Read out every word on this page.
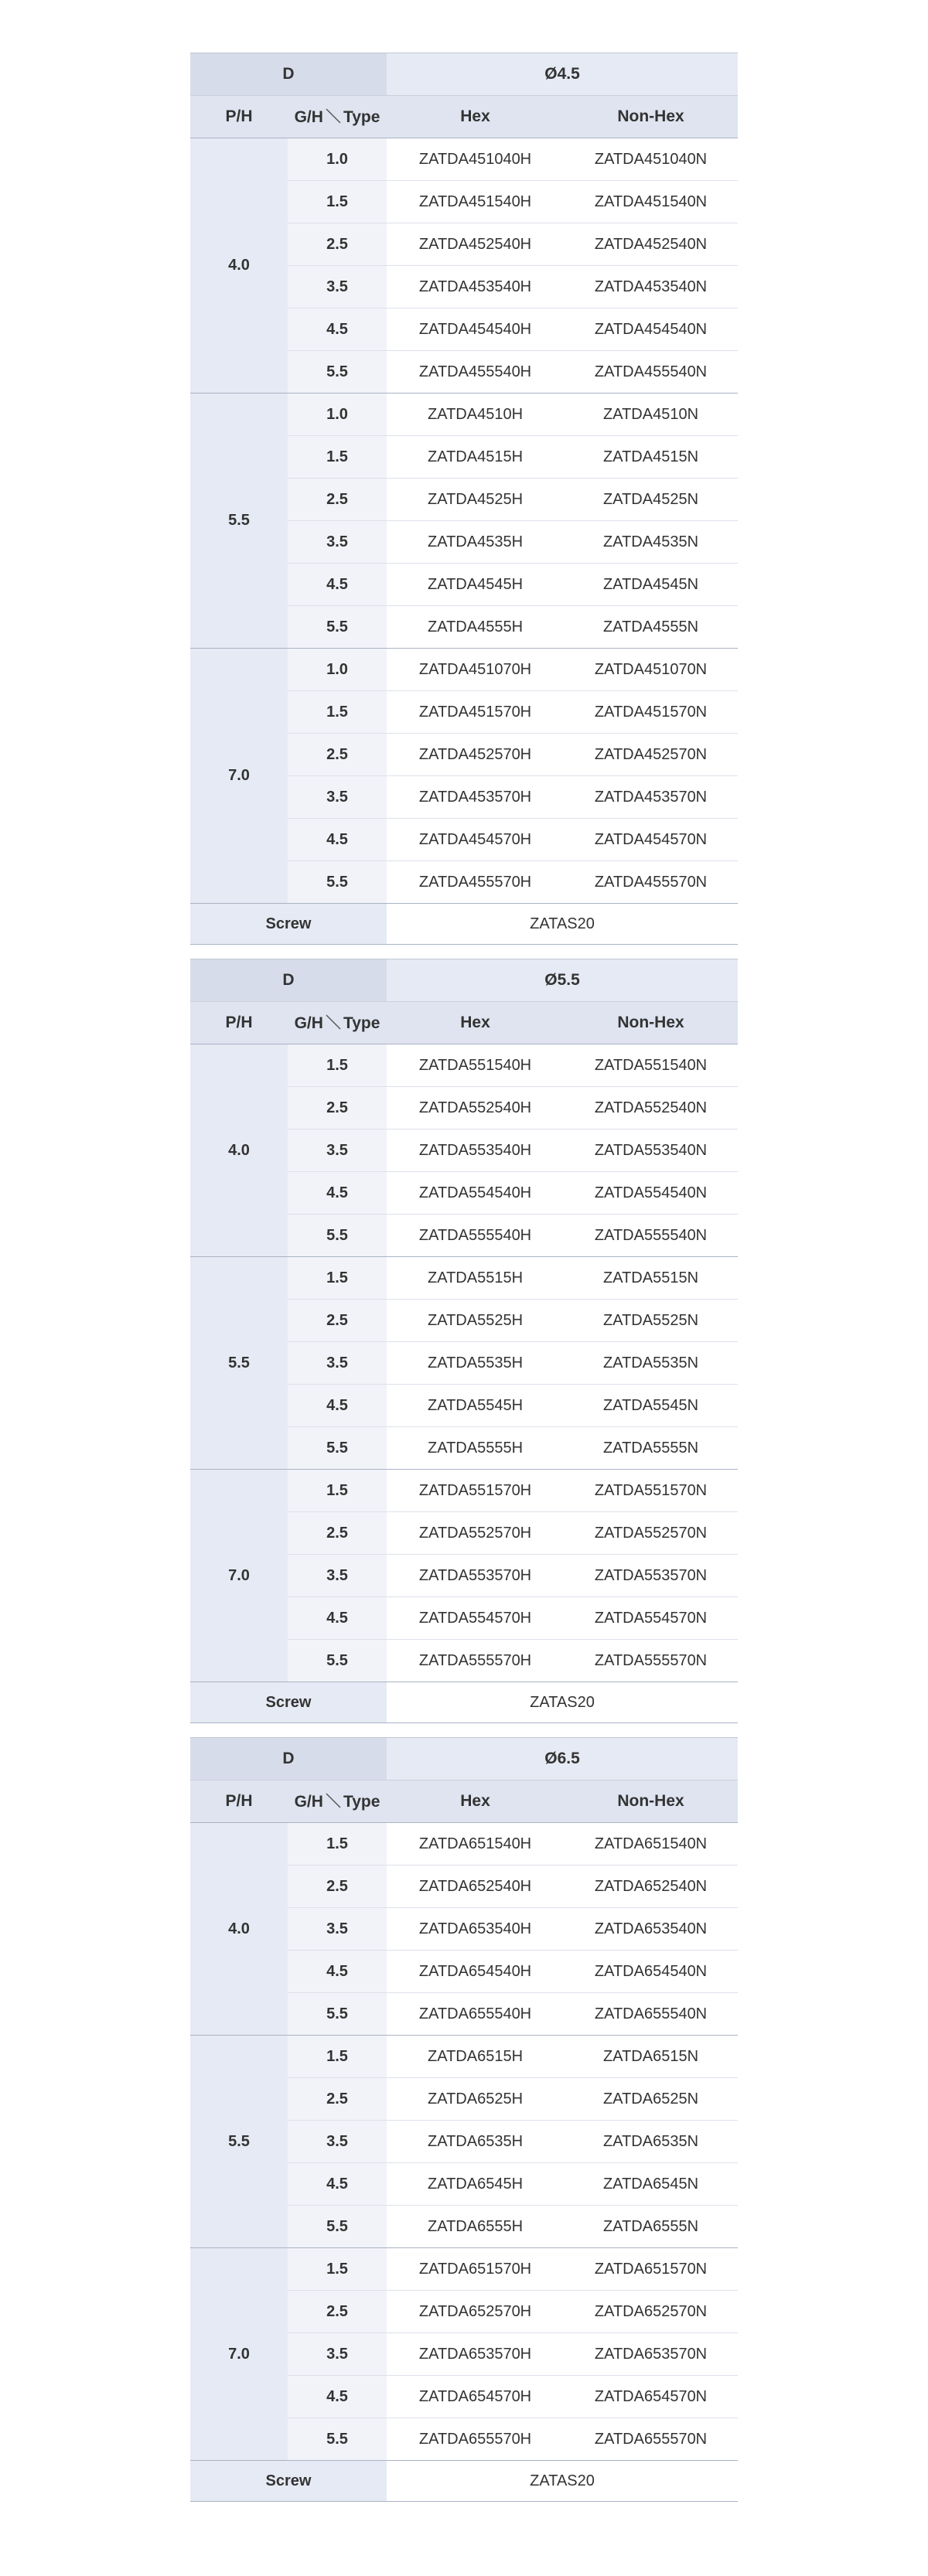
D		Ø4.5	
P/H	G/H Type	Hex	Non-Hex
4.0	1.0	ZATDA451040H	ZATDA451040N
	1.5	ZATDA451540H	ZATDA451540N
	2.5	ZATDA452540H	ZATDA452540N
	3.5	ZATDA453540H	ZATDA453540N
	4.5	ZATDA454540H	ZATDA454540N
	5.5	ZATDA455540H	ZATDA455540N
5.5	1.0	ZATDA4510H	ZATDA4510N
	1.5	ZATDA4515H	ZATDA4515N
	2.5	ZATDA4525H	ZATDA4525N
	3.5	ZATDA4535H	ZATDA4535N
	4.5	ZATDA4545H	ZATDA4545N
	5.5	ZATDA4555H	ZATDA4555N
7.0	1.0	ZATDA451070H	ZATDA451070N
	1.5	ZATDA451570H	ZATDA451570N
	2.5	ZATDA452570H	ZATDA452570N
	3.5	ZATDA453570H	ZATDA453570N
	4.5	ZATDA454570H	ZATDA454570N
	5.5	ZATDA455570H	ZATDA455570N
Screw		ZATAS20	
D		Ø5.5	
P/H	G/H Type	Hex	Non-Hex
4.0	1.5	ZATDA551540H	ZATDA551540N
	2.5	ZATDA552540H	ZATDA552540N
	3.5	ZATDA553540H	ZATDA553540N
	4.5	ZATDA554540H	ZATDA554540N
	5.5	ZATDA555540H	ZATDA555540N
5.5	1.5	ZATDA5515H	ZATDA5515N
	2.5	ZATDA5525H	ZATDA5525N
	3.5	ZATDA5535H	ZATDA5535N
	4.5	ZATDA5545H	ZATDA5545N
	5.5	ZATDA5555H	ZATDA5555N
7.0	1.5	ZATDA551570H	ZATDA551570N
	2.5	ZATDA552570H	ZATDA552570N
	3.5	ZATDA553570H	ZATDA553570N
	4.5	ZATDA554570H	ZATDA554570N
	5.5	ZATDA555570H	ZATDA555570N
Screw		ZATAS20	
D		Ø6.5	
P/H	G/H Type	Hex	Non-Hex
4.0	1.5	ZATDA651540H	ZATDA651540N
	2.5	ZATDA652540H	ZATDA652540N
	3.5	ZATDA653540H	ZATDA653540N
	4.5	ZATDA654540H	ZATDA654540N
	5.5	ZATDA655540H	ZATDA655540N
5.5	1.5	ZATDA6515H	ZATDA6515N
	2.5	ZATDA6525H	ZATDA6525N
	3.5	ZATDA6535H	ZATDA6535N
	4.5	ZATDA6545H	ZATDA6545N
	5.5	ZATDA6555H	ZATDA6555N
7.0	1.5	ZATDA651570H	ZATDA651570N
	2.5	ZATDA652570H	ZATDA652570N
	3.5	ZATDA653570H	ZATDA653570N
	4.5	ZATDA654570H	ZATDA654570N
	5.5	ZATDA655570H	ZATDA655570N
Screw		ZATAS20	
